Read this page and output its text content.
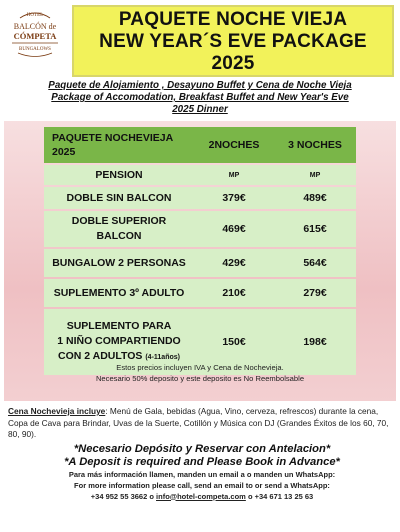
HOTEL
BALCÓN de
CÓMPETA
BUNGALOWS
PAQUETE NOCHE VIEJA
NEW YEAR´S EVE PACKAGE
2025
Paquete de Alojamiento , Desayuno Buffet y Cena de Noche Vieja
Package of Accomodation, Breakfast Buffet and New Year's Eve
2025 Dinner
PAQUETE NOCHEVIEJA
2025	2NOCHES	3 NOCHES
PENSION	MP	MP
DOBLE SIN BALCON	379€	489€

DOBLE SUPERIOR
BALCON	469€	615€
BUNGALOW 2 PERSONAS	429€	564€
SUPLEMENTO 3º ADULTO	210€	279€

SUPLEMENTO PARA
1 NIÑO COMPARTIENDO
CON 2 ADULTOS (4-11años)	150€	198€
Estos precios incluyen IVA y Cena de Nochevieja.
Necesario 50% deposito y este deposito es No Reembolsable
Cena Nochevieja incluye: Menú de Gala, bebidas (Agua, Vino, cerveza, refrescos) durante la cena, Copa de Cava para Brindar, Uvas de la Suerte, Cotillón y Música con DJ (Grandes Éxitos de los 60, 70, 80, 90).
*Necesario Depósito y Reservar con Antelacion*
*A Deposit is required and Please Book in Advance*
Para más información llamen, manden un email a o manden un WhatsApp:
For more information please call, send an email to or send a WhatsApp:
+34 952 55 3662 o info@hotel-competa.com o +34 671 13 25 63
